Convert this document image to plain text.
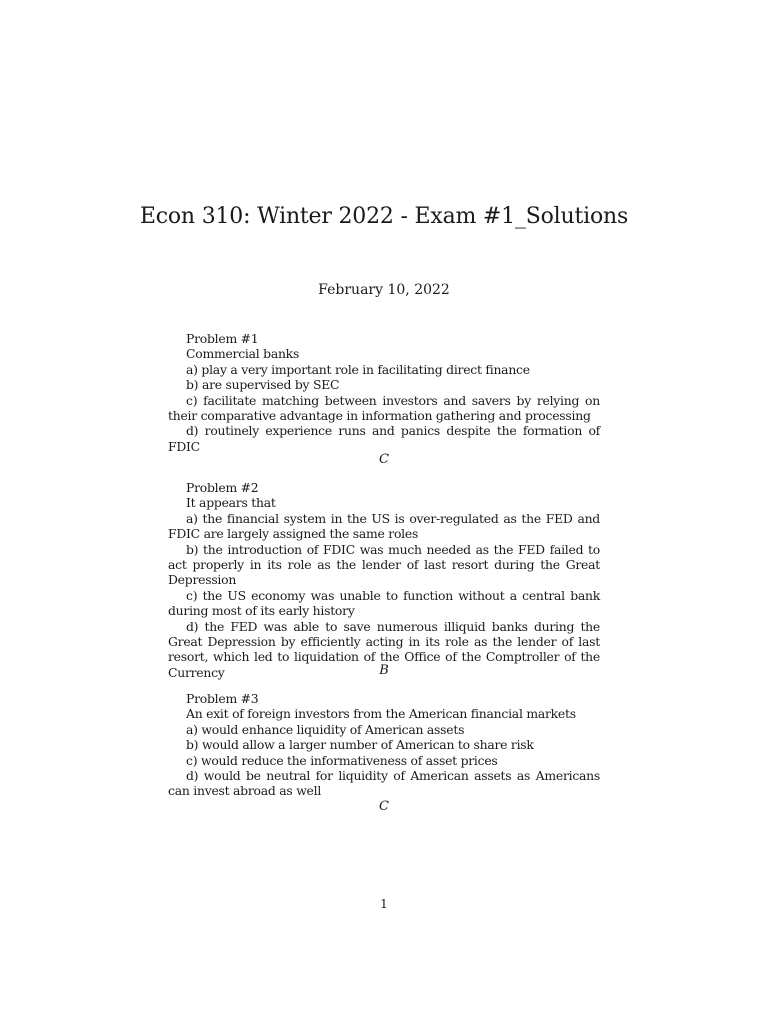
Econ 310: Winter 2022 - Exam #1_Solutions
February 10, 2022

Problem #1

Commercial banks

a) play a very important role in facilitating direct finance

b) are supervised by SEC

c) facilitate matching between investors and savers by relying on their comparative advantage in information gathering and processing

d) routinely experience runs and panics despite the formation of FDIC

C

Problem #2

It appears that

a) the financial system in the US is over-regulated as the FED and FDIC are largely assigned the same roles

b) the introduction of FDIC was much needed as the FED failed to act properly in its role as the lender of last resort during the Great Depression

c) the US economy was unable to function without a central bank during most of its early history

d) the FED was able to save numerous illiquid banks during the Great Depression by efficiently acting in its role as the lender of last resort, which led to liquidation of the Office of the Comptroller of the Currency	B

Problem #3

An exit of foreign investors from the American financial markets

a) would enhance liquidity of American assets

b) would allow a larger number of American to share risk

c) would reduce the informativeness of asset prices

d) would be neutral for liquidity of American assets as Americans can invest abroad as well

C
1
